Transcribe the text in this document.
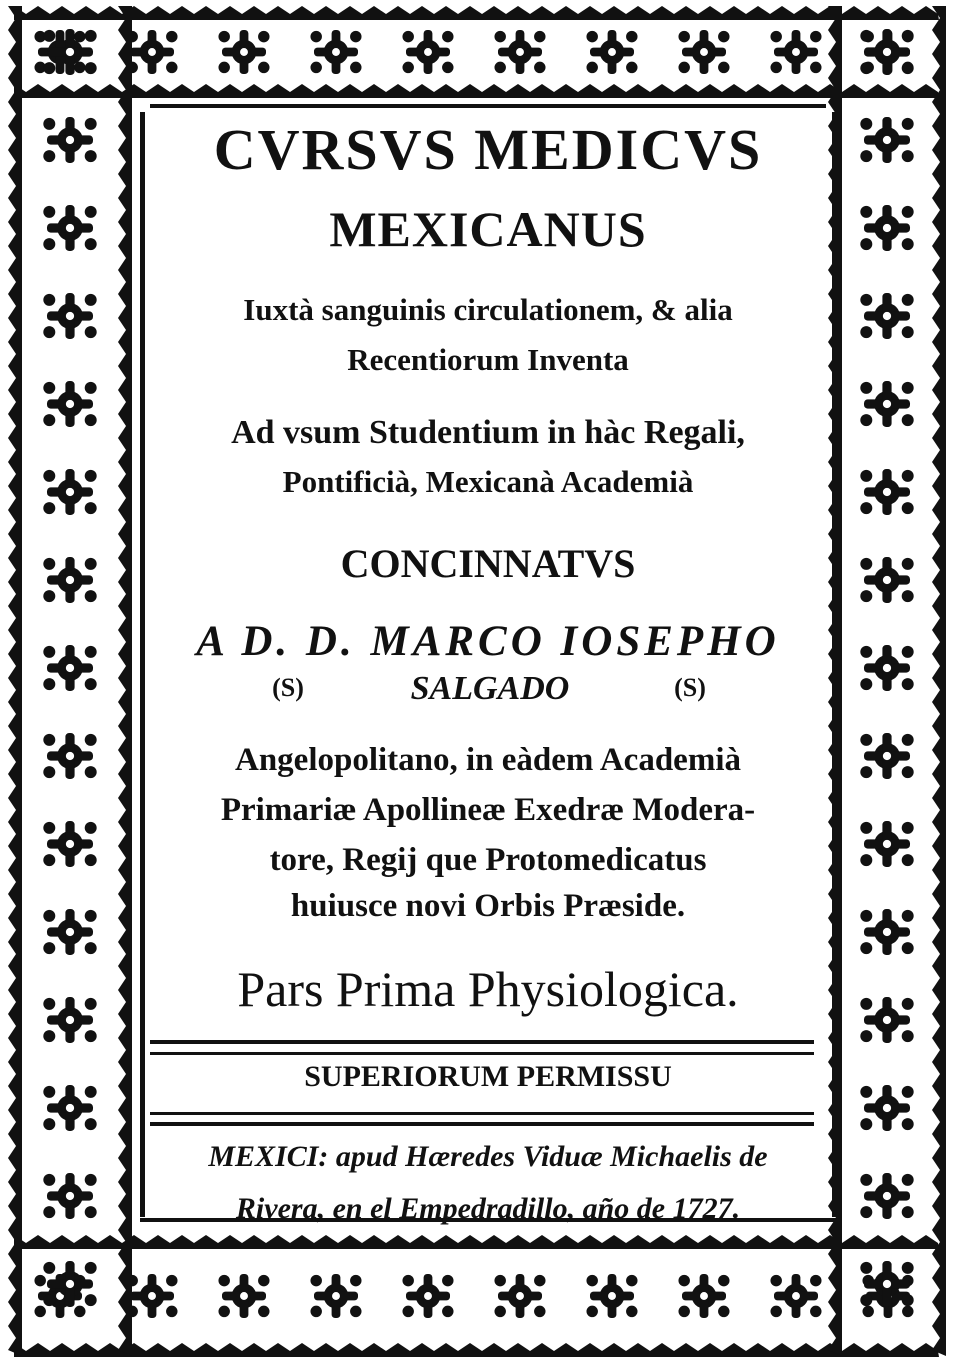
CVRSVS MEDICVS
MEXICANUS
Iuxtà sanguinis circulationem, & alia
Recentiorum Inventa
Ad vsum Studentium in hàc Regali,
Pontificià, Mexicanà Academià
CONCINNATVS
A D. D. MARCO IOSEPHO
(S)	SALGADO	(S)
Angelopolitano, in eàdem Academià
Primariæ Apollineæ Exedræ Modera-
tore, Regij que Protomedicatus
huiusce novi Orbis Præside.
Pars Prima Physiologica.
SUPERIORUM PERMISSU
MEXICI: apud Hæredes Viduæ Michaelis de
Rivera, en el Empedradillo, año de 1727.
